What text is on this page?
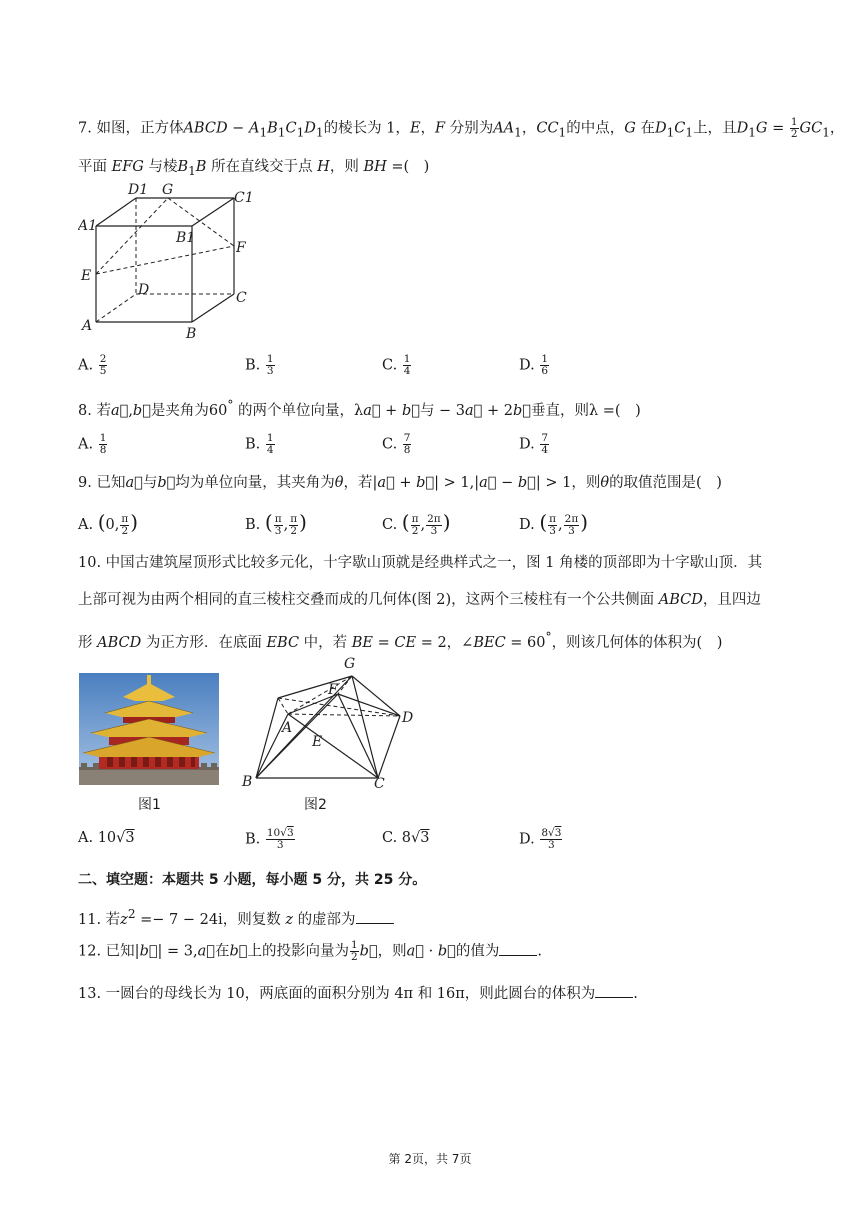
7. 如图，正方体ABCD − $A_1B_1C_1D_1$的棱长为 1，E，F 分别为$AA_1$，$CC_1$的中点，G 在$D_1C_1$上，且$D_1G = \frac{1}{2} GC_1$，
平面 EFG 与棱$B_1B$ 所在直线交于点 H，则 BH =(　)
D1 G	C1
A1
B1
F
E
D	C
A	B
A. $\frac{2}{5}$	B. $\frac{1}{3}$	C. $\frac{1}{4}$	D. $\frac{1}{6}$
8. 若a⃗,b⃗是夹角为60° 的两个单位向量，λa⃗ + b⃗与 − 3a⃗ + 2b⃗垂直，则λ =(　)
A. $\frac{1}{8}$	B. $\frac{1}{4}$	C. $\frac{7}{8}$	D. $\frac{7}{4}$
9. 已知a⃗与b⃗均为单位向量，其夹角为θ，若|a⃗ + b⃗| > 1,|a⃗ − b⃗| > 1，则θ的取值范围是(　)
A. (0, $\frac{\pi}{2}$ )	B. ( $\frac{\pi}{3}$ , $\frac{\pi}{2}$ )	C. ( $\frac{\pi}{2}$ , $\frac{2\pi}{3}$ )	D. ( $\frac{\pi}{3}$ , $\frac{2\pi}{3}$ )
10. 中国古建筑屋顶形式比较多元化，十字歇山顶就是经典样式之一，图 1 角楼的顶部即为十字歇山顶．其
上部可视为由两个相同的直三棱柱交叠而成的几何体(图 2)，这两个三棱柱有一个公共侧面 ABCD，且四边
形 ABCD 为正方形．在底面 EBC 中，若 BE = CE = 2，∠BEC = 60°，则该几何体的体积为(　)
图1
G
F
A
D
E
B	C
图2
A. 10√3	B. $\frac{10√3}{3}$	C. 8√3	D. $\frac{8√3}{3}$
二、填空题：本题共 5 小题，每小题 5 分，共 25 分。
11. 若$z^2 =- 7 - 24i$，则复数 z 的虚部为
12. 已知|b⃗| = 3,a⃗在b⃗上的投影向量为 $\frac{1}{2}$ b⃗，则a⃗ · b⃗的值为	.
13. 一圆台的母线长为 10，两底面的面积分别为 4π 和 16π，则此圆台的体积为	.
第 2页，共 7页
